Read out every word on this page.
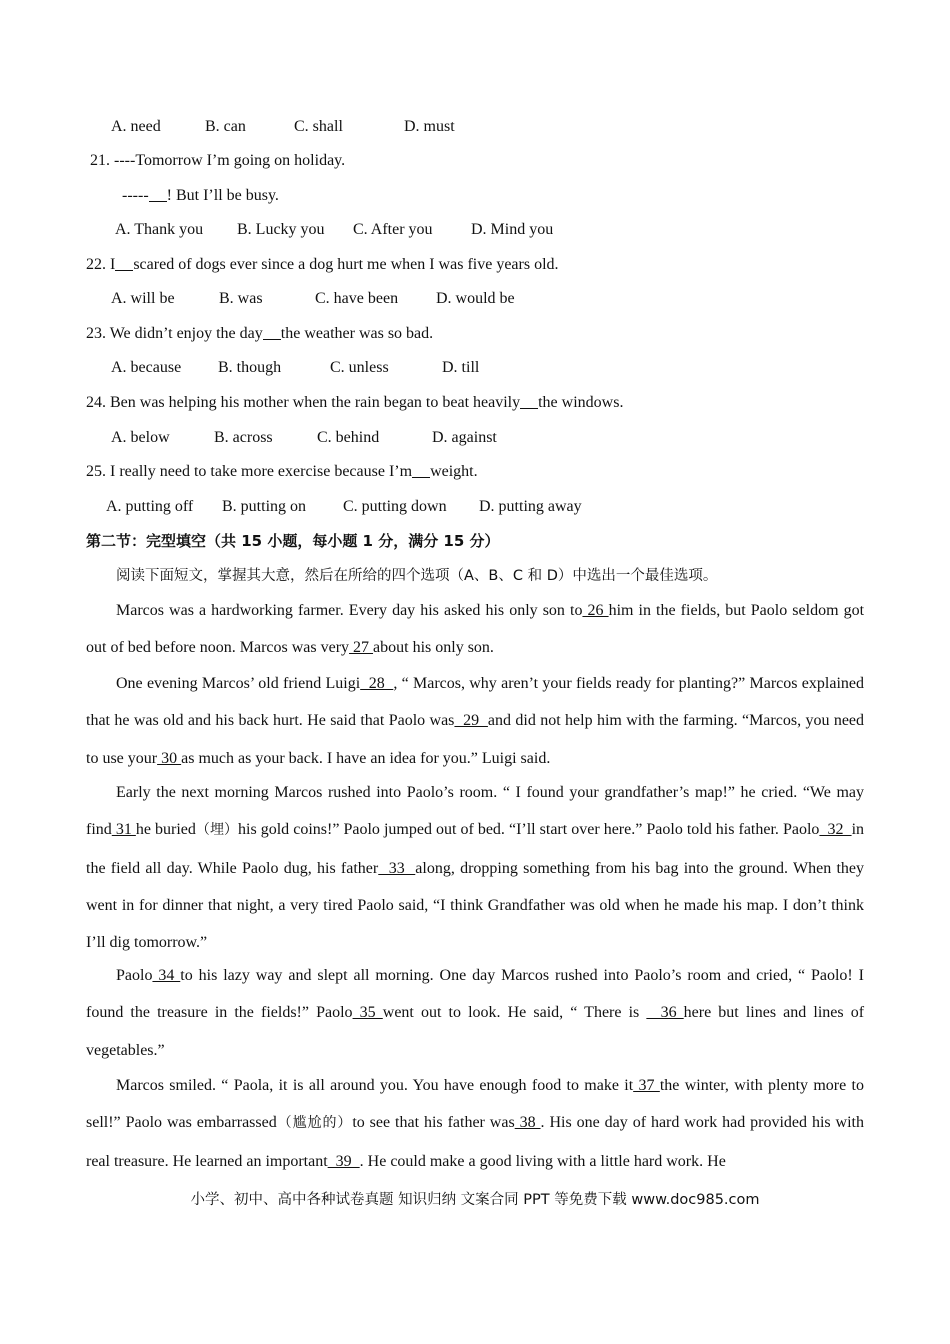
A. need	B. can	C. shall	D. must
21. ----Tomorrow I’m going on holiday.
----- ! But I’ll be busy.
A. Thank you B. Lucky you C. After you D. Mind you
22. I scared of dogs ever since a dog hurt me when I was five years old.
A. will be	B. was	C. have been D. would be
23. We didn’t enjoy the day the weather was so bad.
A. because B. though	C. unless	D. till
24. Ben was helping his mother when the rain began to beat heavily the windows.
A. below	B. across	C. behind	D. against
25. I really need to take more exercise because I’m weight.
A. putting off B. putting on C. putting down D. putting away
第二节：完型填空（共 15 小题，每小题 1 分，满分 15 分）
阅读下面短文，掌握其大意，然后在所给的四个选项（A、B、C 和 D）中选出一个最佳选项。
Marcos was a hardworking farmer. Every day his asked his only son to 26 him in the fields, but Paolo seldom got out of bed before noon. Marcos was very 27 about his only son.
One evening Marcos’ old friend Luigi  28  , “ Marcos, why aren’t your fields ready for planting?” Marcos explained that he was old and his back hurt. He said that Paolo was  29  and did not help him with the farming. “Marcos, you need to use your 30 as much as your back. I have an idea for you.” Luigi said.
Early the next morning Marcos rushed into Paolo’s room. “ I found your grandfather’s map!” he cried. “We may find 31 he buried（埋）his gold coins!” Paolo jumped out of bed. “I’ll start over here.” Paolo told his father. Paolo  32  in the field all day. While Paolo dug, his father  33  along, dropping something from his bag into the ground. When they went in for dinner that night, a very tired Paolo said, “I think Grandfather was old when he made his map. I don’t think I’ll dig tomorrow.”
Paolo 34 to his lazy way and slept all morning. One day Marcos rushed into Paolo’s room and cried, “ Paolo! I found the treasure in the fields!” Paolo 35 went out to look. He said, “ There is   36 here but lines and lines of vegetables.”
Marcos smiled. “ Paola, it is all around you. You have enough food to make it 37 the winter, with plenty more to sell!” Paolo was embarrassed（尴尬的）to see that his father was 38 . His one day of hard work had provided his with real treasure. He learned an important  39  . He could make a good living with a little hard work. He
小学、初中、高中各种试卷真题 知识归纳 文案合同 PPT 等免费下载 www.doc985.com
